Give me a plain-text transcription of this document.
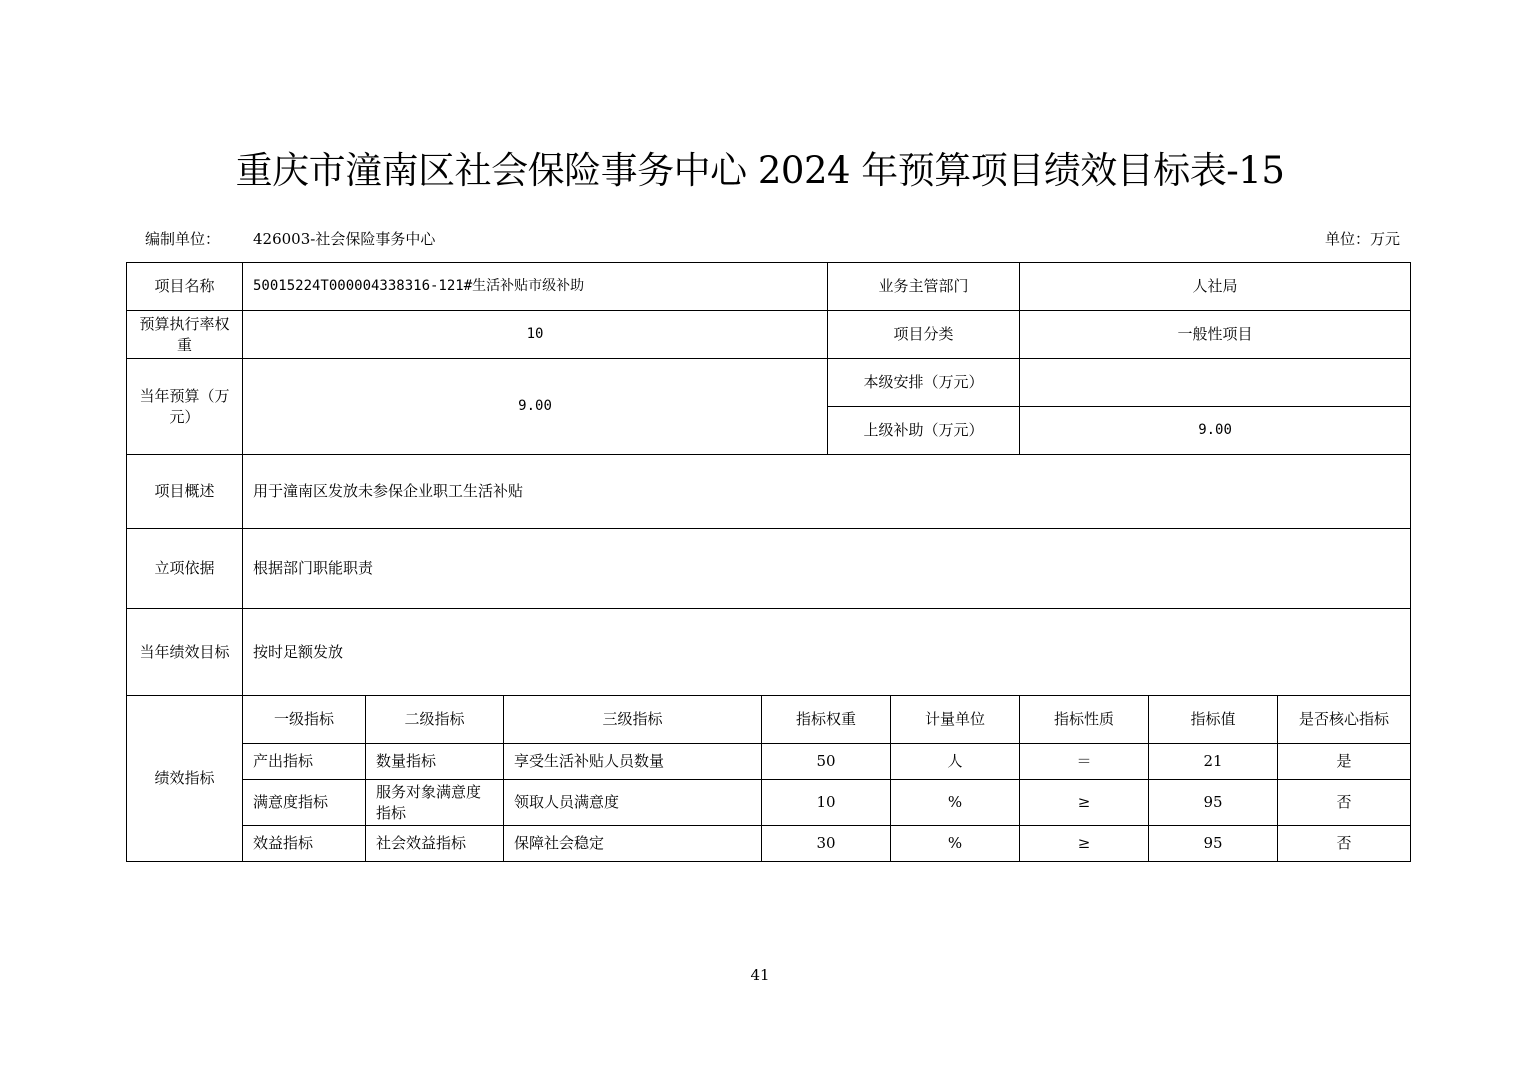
重庆市潼南区社会保险事务中心 2024 年预算项目绩效目标表-15
编制单位： 426003-社会保险事务中心	单位：万元
项目名称	50015224T000004338316-121#生活补贴市级补助				业务主管部门		人社局		
预算执行率权重	10				项目分类		一般性项目		
当年预算（万元）	9.00				本级安排（万元）				
					上级补助（万元）		9.00		
项目概述	用于潼南区发放未参保企业职工生活补贴								
立项依据	根据部门职能职责								
当年绩效目标	按时足额发放								
绩效指标	一级指标	二级指标	三级指标	指标权重		计量单位	指标性质	指标值	是否核心指标
	产出指标	数量指标	享受生活补贴人员数量	50		人	＝	21	是
	满意度指标	服务对象满意度指标	领取人员满意度	10		%	≥	95	否
	效益指标	社会效益指标	保障社会稳定	30		%	≥	95	否
41
